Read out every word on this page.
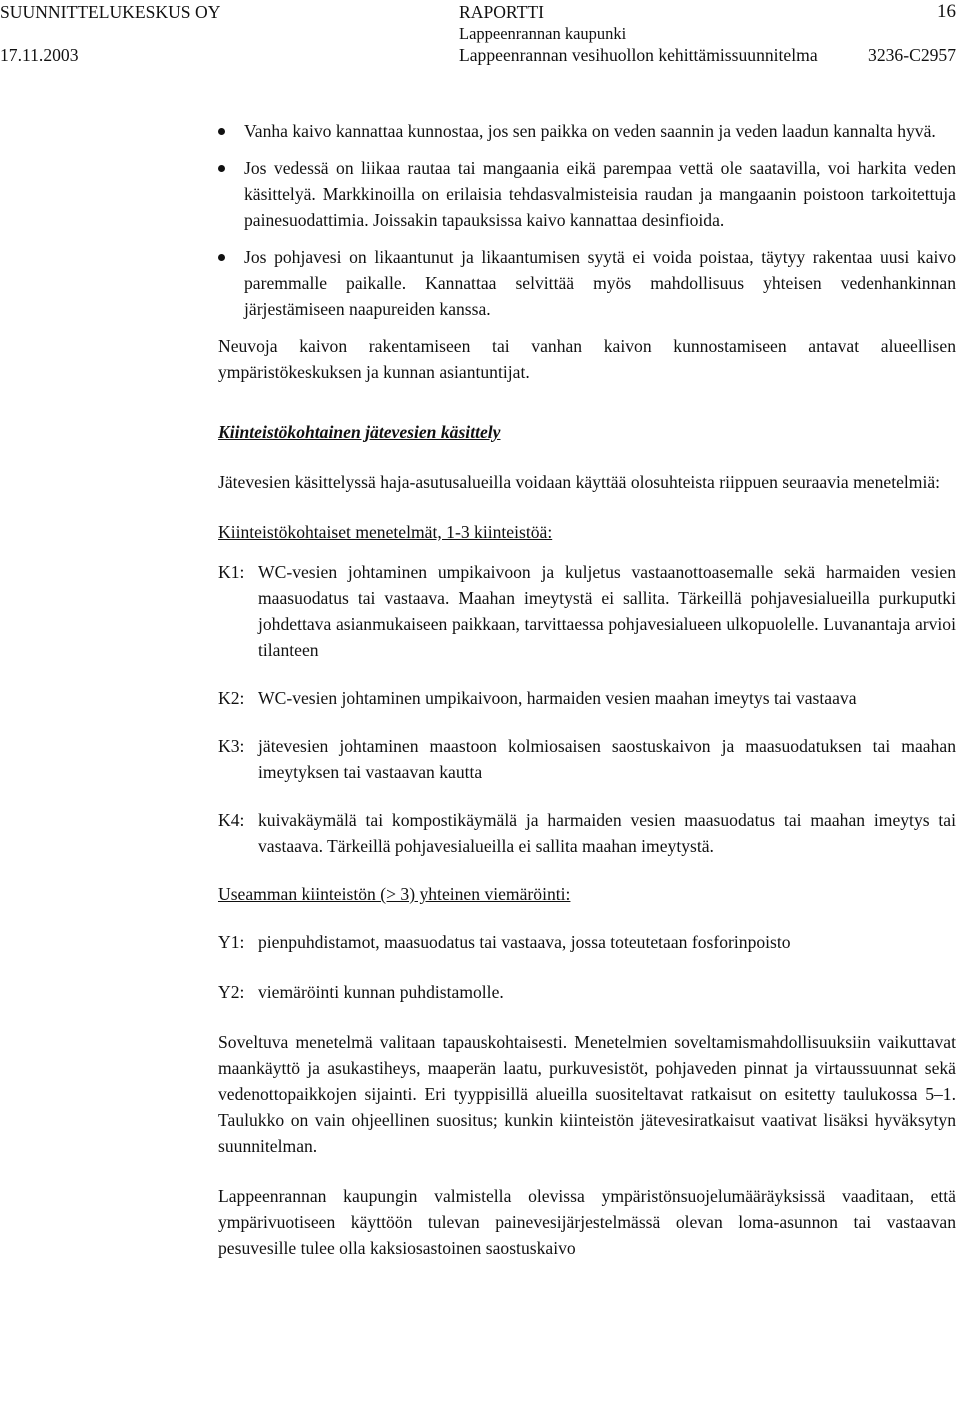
SUUNNITTELUKESKUS OY
17.11.2003
RAPORTTI
Lappeenrannan kaupunki
Lappeenrannan vesihuollon kehittämissuunnitelma	3236-C2957
16
Vanha kaivo kannattaa kunnostaa, jos sen paikka on veden saannin ja veden laadun kannalta hyvä.
Jos vedessä on liikaa rautaa tai mangaania eikä parempaa vettä ole saatavilla, voi harkita veden käsittelyä. Markkinoilla on erilaisia tehdasvalmisteisia raudan ja mangaanin poistoon tarkoitettuja painesuodattimia. Joissakin tapauksissa kaivo kannattaa desinfioida.
Jos pohjavesi on likaantunut ja likaantumisen syytä ei voida poistaa, täytyy rakentaa uusi kaivo paremmalle paikalle. Kannattaa selvittää myös mahdollisuus yhteisen vedenhankinnan järjestämiseen naapureiden kanssa.

Neuvoja kaivon rakentamiseen tai vanhan kaivon kunnostamiseen antavat alueellisen ympäristökeskuksen ja kunnan asiantuntijat.

Kiinteistökohtainen jätevesien käsittely

Jätevesien käsittelyssä haja-asutusalueilla voidaan käyttää olosuhteista riippuen seuraavia menetelmiä:

Kiinteistökohtaiset menetelmät, 1-3 kiinteistöä:

K1: WC-vesien johtaminen umpikaivoon ja kuljetus vastaanottoasemalle sekä harmaiden vesien maasuodatus tai vastaava. Maahan imeytystä ei sallita. Tärkeillä pohjavesialueilla purkuputki johdettava asianmukaiseen paikkaan, tarvittaessa pohjavesialueen ulkopuolelle. Luvanantaja arvioi tilanteen
K2: WC-vesien johtaminen umpikaivoon, harmaiden vesien maahan imeytys tai vastaava
K3: jätevesien johtaminen maastoon kolmiosaisen saostuskaivon ja maasuodatuksen tai maahan imeytyksen tai vastaavan kautta
K4: kuivakäymälä tai kompostikäymälä ja harmaiden vesien maasuodatus tai maahan imeytys tai vastaava. Tärkeillä pohjavesialueilla ei sallita maahan imeytystä.

Useamman kiinteistön (> 3) yhteinen viemäröinti:

Y1: pienpuhdistamot, maasuodatus tai vastaava, jossa toteutetaan fosforinpoisto
Y2: viemäröinti kunnan puhdistamolle.

Soveltuva menetelmä valitaan tapauskohtaisesti. Menetelmien soveltamismahdollisuuksiin vaikuttavat maankäyttö ja asukastiheys, maaperän laatu, purkuvesistöt, pohjaveden pinnat ja virtaussuunnat sekä vedenottopaikkojen sijainti. Eri tyyppisillä alueilla suositeltavat ratkaisut on esitetty taulukossa 5–1. Taulukko on vain ohjeellinen suositus; kunkin kiinteistön jätevesiratkaisut vaativat lisäksi hyväksytyn suunnitelman.

Lappeenrannan kaupungin valmistella olevissa ympäristönsuojelumääräyksissä vaaditaan, että ympärivuotiseen käyttöön tulevan painevesijärjestelmässä olevan loma-asunnon tai vastaavan pesuvesille tulee olla kaksiosastoinen saostuskaivo
